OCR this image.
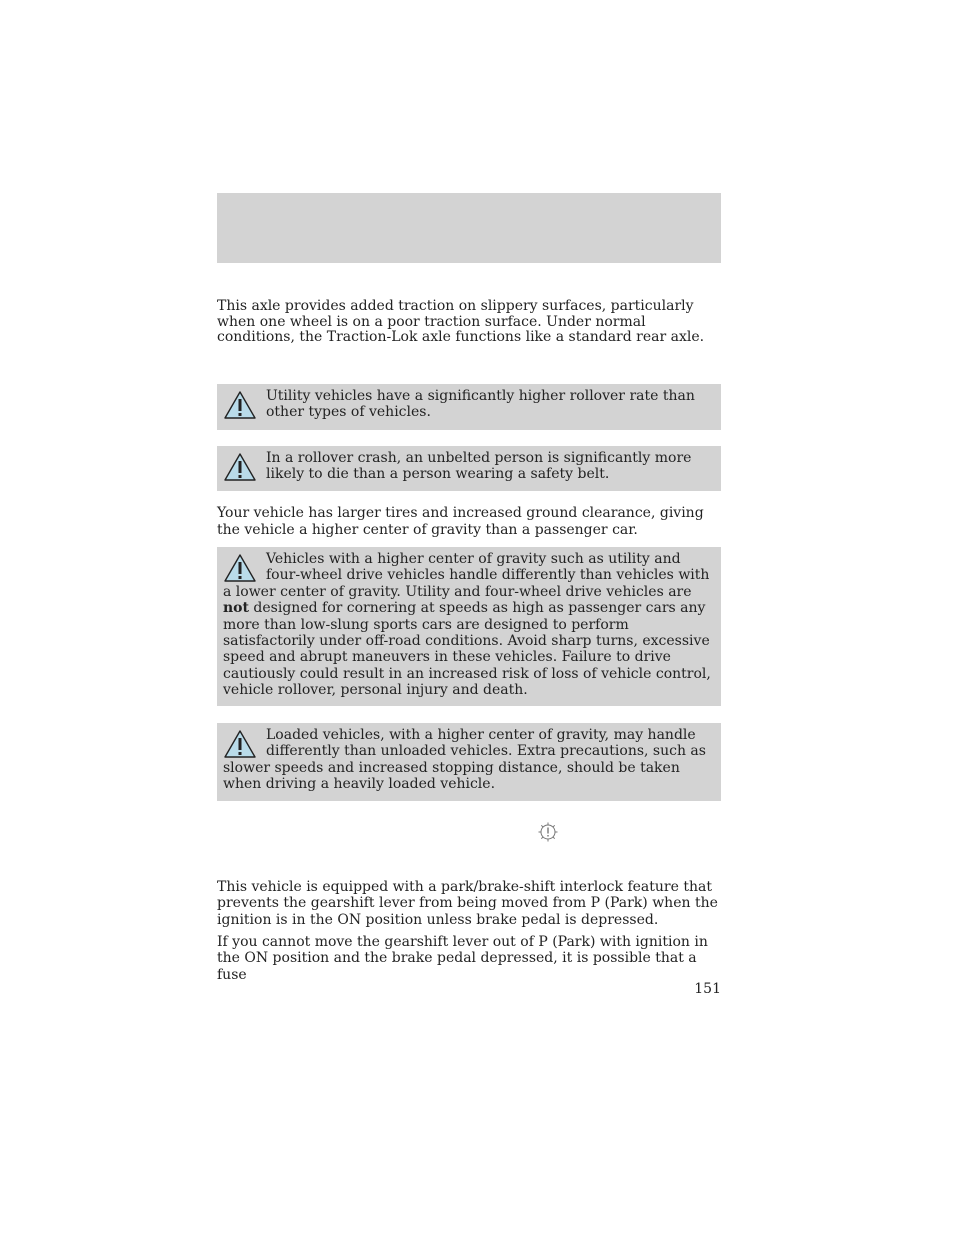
This axle provides added traction on slippery surfaces, particularly when one wheel is on a poor traction surface. Under normal conditions, the Traction-Lok axle functions like a standard rear axle.

Utility vehicles have a significantly higher rollover rate than other types of vehicles.

In a rollover crash, an unbelted person is significantly more likely to die than a person wearing a safety belt.

Your vehicle has larger tires and increased ground clearance, giving the vehicle a higher center of gravity than a passenger car.

Vehicles with a higher center of gravity such as utility and four-wheel drive vehicles handle differently than vehicles with a lower center of gravity. Utility and four-wheel drive vehicles are not designed for cornering at speeds as high as passenger cars any more than low-slung sports cars are designed to perform satisfactorily under off-road conditions. Avoid sharp turns, excessive speed and abrupt maneuvers in these vehicles. Failure to drive cautiously could result in an increased risk of loss of vehicle control, vehicle rollover, personal injury and death.

Loaded vehicles, with a higher center of gravity, may handle differently than unloaded vehicles. Extra precautions, such as slower speeds and increased stopping distance, should be taken when driving a heavily loaded vehicle.

This vehicle is equipped with a park/brake-shift interlock feature that prevents the gearshift lever from being moved from P (Park) when the ignition is in the ON position unless brake pedal is depressed.

If you cannot move the gearshift lever out of P (Park) with ignition in the ON position and the brake pedal depressed, it is possible that a fuse

151
